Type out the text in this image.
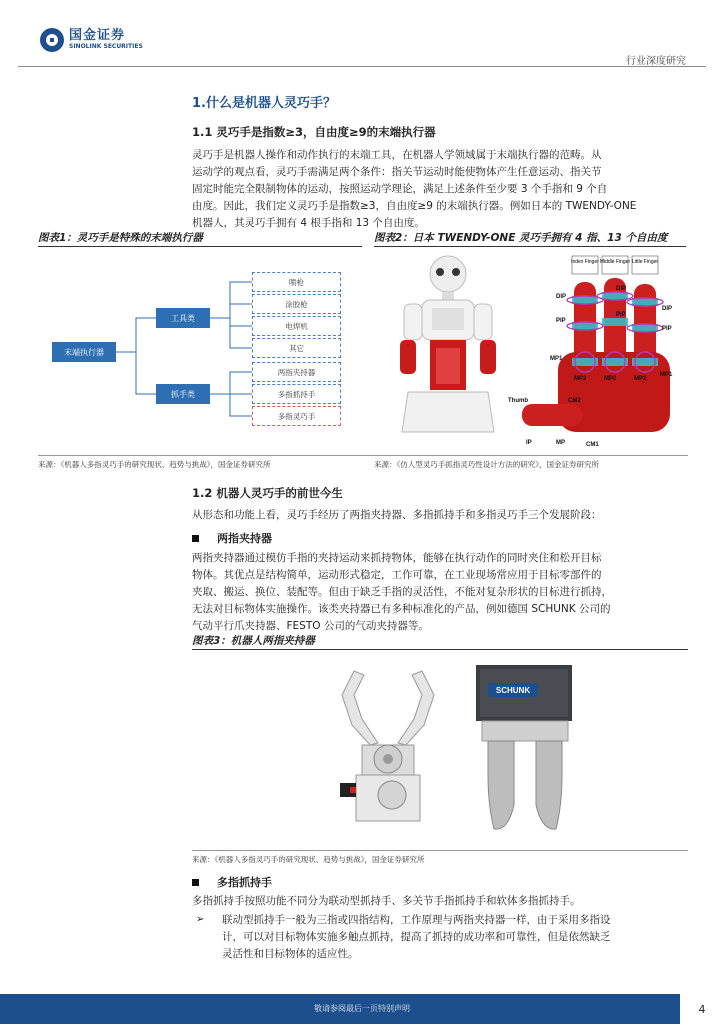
国金证券
SINOLINK SECURITIES
行业深度研究
1.什么是机器人灵巧手？
1.1 灵巧手是指数≥3，自由度≥9的末端执行器
灵巧手是机器人操作和动作执行的末端工具，在机器人学领域属于末端执行器的范畴。从
运动学的观点看，灵巧手需满足两个条件：指关节运动时能使物体产生任意运动、指关节
固定时能完全限制物体的运动，按照运动学理论，满足上述条件至少要 3 个手指和 9 个自
由度。因此，我们定义灵巧手是指数≥3，自由度≥9 的末端执行器。例如日本的 TWENDY-ONE
机器人，其灵巧手拥有 4 根手指和 13 个自由度。
图表1：灵巧手是特殊的末端执行器	图表2：日本 TWENDY-ONE 灵巧手拥有 4 指、13 个自由度
末端执行器
工具类
抓手类
喷枪
涂胶枪
电焊机
其它
两指夹持器
多指抓持手
多指灵巧手
Index Finger Middle Finger Little Finger
DIP
DIP
DIP
PIP
PIP
PIP
MP1
MP1
MP2	MP2	MP2
CM2
Thumb
IP	MP	CM1
来源：《机器人多指灵巧手的研究现状、趋势与挑战》，国金证券研究所	来源：《仿人型灵巧手抓指灵巧性设计方法的研究》，国金证券研究所
1.2 机器人灵巧手的前世今生
从形态和功能上看，灵巧手经历了两指夹持器、多指抓持手和多指灵巧手三个发展阶段：
两指夹持器
两指夹持器通过模仿手指的夹持运动来抓持物体，能够在执行动作的同时夹住和松开目标
物体。其优点是结构简单，运动形式稳定，工作可靠，在工业现场常应用于目标零部件的
夹取、搬运、换位、装配等。但由于缺乏手指的灵活性，不能对复杂形状的目标进行抓持，
无法对目标物体实施操作。该类夹持器已有多种标准化的产品，例如德国 SCHUNK 公司的
气动平行爪夹持器、FESTO 公司的气动夹持器等。
图表3：机器人两指夹持器
SCHUNK
来源：《机器人多指灵巧手的研究现状、趋势与挑战》，国金证券研究所
多指抓持手
多指抓持手按照功能不同分为联动型抓持手、多关节手指抓持手和软体多指抓持手。
➢ 联动型抓持手一般为三指或四指结构，工作原理与两指夹持器一样，由于采用多指设
计，可以对目标物体实施多触点抓持，提高了抓持的成功率和可靠性，但是依然缺乏
灵活性和目标物体的适应性。
敬请参阅最后一页特别声明	4
